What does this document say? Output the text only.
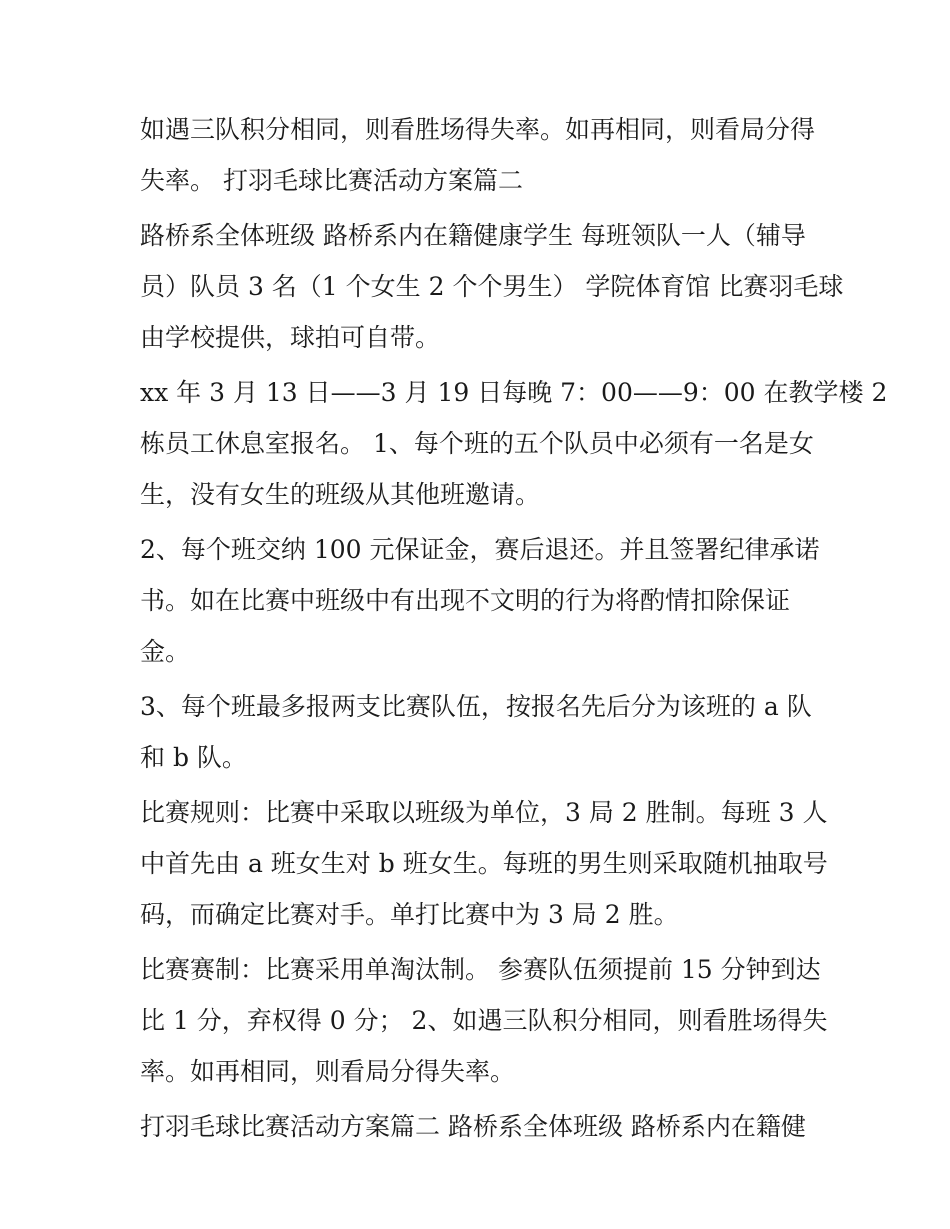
如遇三队积分相同，则看胜场得失率。如再相同，则看局分得
失率。 打羽毛球比赛活动方案篇二
路桥系全体班级 路桥系内在籍健康学生 每班领队一人（辅导
员）队员 3 名（1 个女生 2 个个男生） 学院体育馆 比赛羽毛球
由学校提供，球拍可自带。
xx 年 3 月 13 日——3 月 19 日每晚 7：00——9：00 在教学楼 2
栋员工休息室报名。 1、每个班的五个队员中必须有一名是女
生，没有女生的班级从其他班邀请。
2、每个班交纳 100 元保证金，赛后退还。并且签署纪律承诺
书。如在比赛中班级中有出现不文明的行为将酌情扣除保证
金。
3、每个班最多报两支比赛队伍，按报名先后分为该班的 a 队
和 b 队。
比赛规则：比赛中采取以班级为单位，3 局 2 胜制。每班 3 人
中首先由 a 班女生对 b 班女生。每班的男生则采取随机抽取号
码，而确定比赛对手。单打比赛中为 3 局 2 胜。
比赛赛制：比赛采用单淘汰制。 参赛队伍须提前 15 分钟到达
比 1 分，弃权得 0 分； 2、如遇三队积分相同，则看胜场得失
率。如再相同，则看局分得失率。
打羽毛球比赛活动方案篇二 路桥系全体班级 路桥系内在籍健
